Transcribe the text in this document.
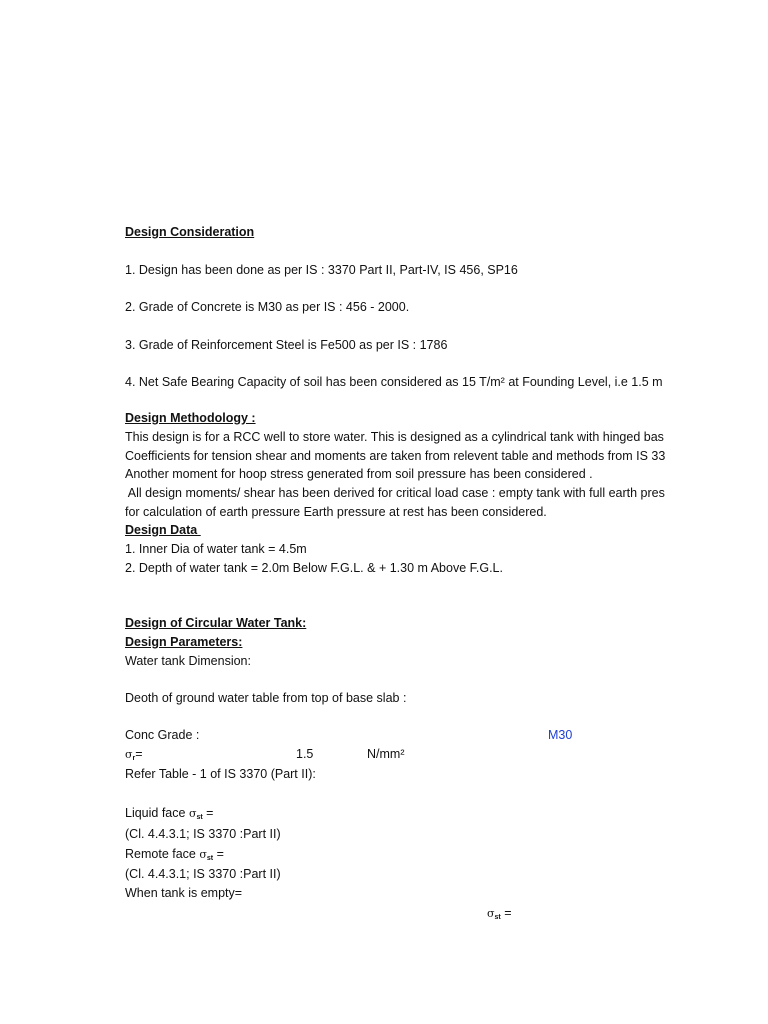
Design Consideration
1. Design has been done as per IS : 3370 Part II, Part-IV, IS 456, SP16
2. Grade of Concrete is M30 as per IS : 456 - 2000.
3. Grade of Reinforcement Steel is Fe500 as per IS : 1786
4. Net Safe Bearing Capacity of soil has been considered as 15 T/m² at Founding Level, i.e 1.5 m
Design Methodology :
This design is for a RCC well to store water. This is designed as a cylindrical tank with hinged bas
Coefficients for tension shear and moments are taken from relevent table and methods from IS 33
Another moment for hoop stress generated from soil pressure has been considered .
All design moments/ shear has been derived for critical load case : empty tank with full earth pres
for calculation of earth pressure Earth pressure at rest has been considered.
Design Data
1. Inner Dia of water tank = 4.5m
2. Depth of water tank = 2.0m Below F.G.L. & + 1.30 m Above F.G.L.
Design of Circular Water Tank:
Design Parameters:
Water tank Dimension:
Deoth of ground water table from top of base slab :
Conc Grade :	M30
$\sigma_r=$	1.5	N/mm²
Refer Table - 1 of IS 3370 (Part II):
Liquid face $\sigma_{st}$ =
(Cl. 4.4.3.1; IS 3370 :Part II)
Remote face $\sigma_{st}$ =
(Cl. 4.4.3.1; IS 3370 :Part II)
When tank is empty=
$\sigma_{st}$ =
